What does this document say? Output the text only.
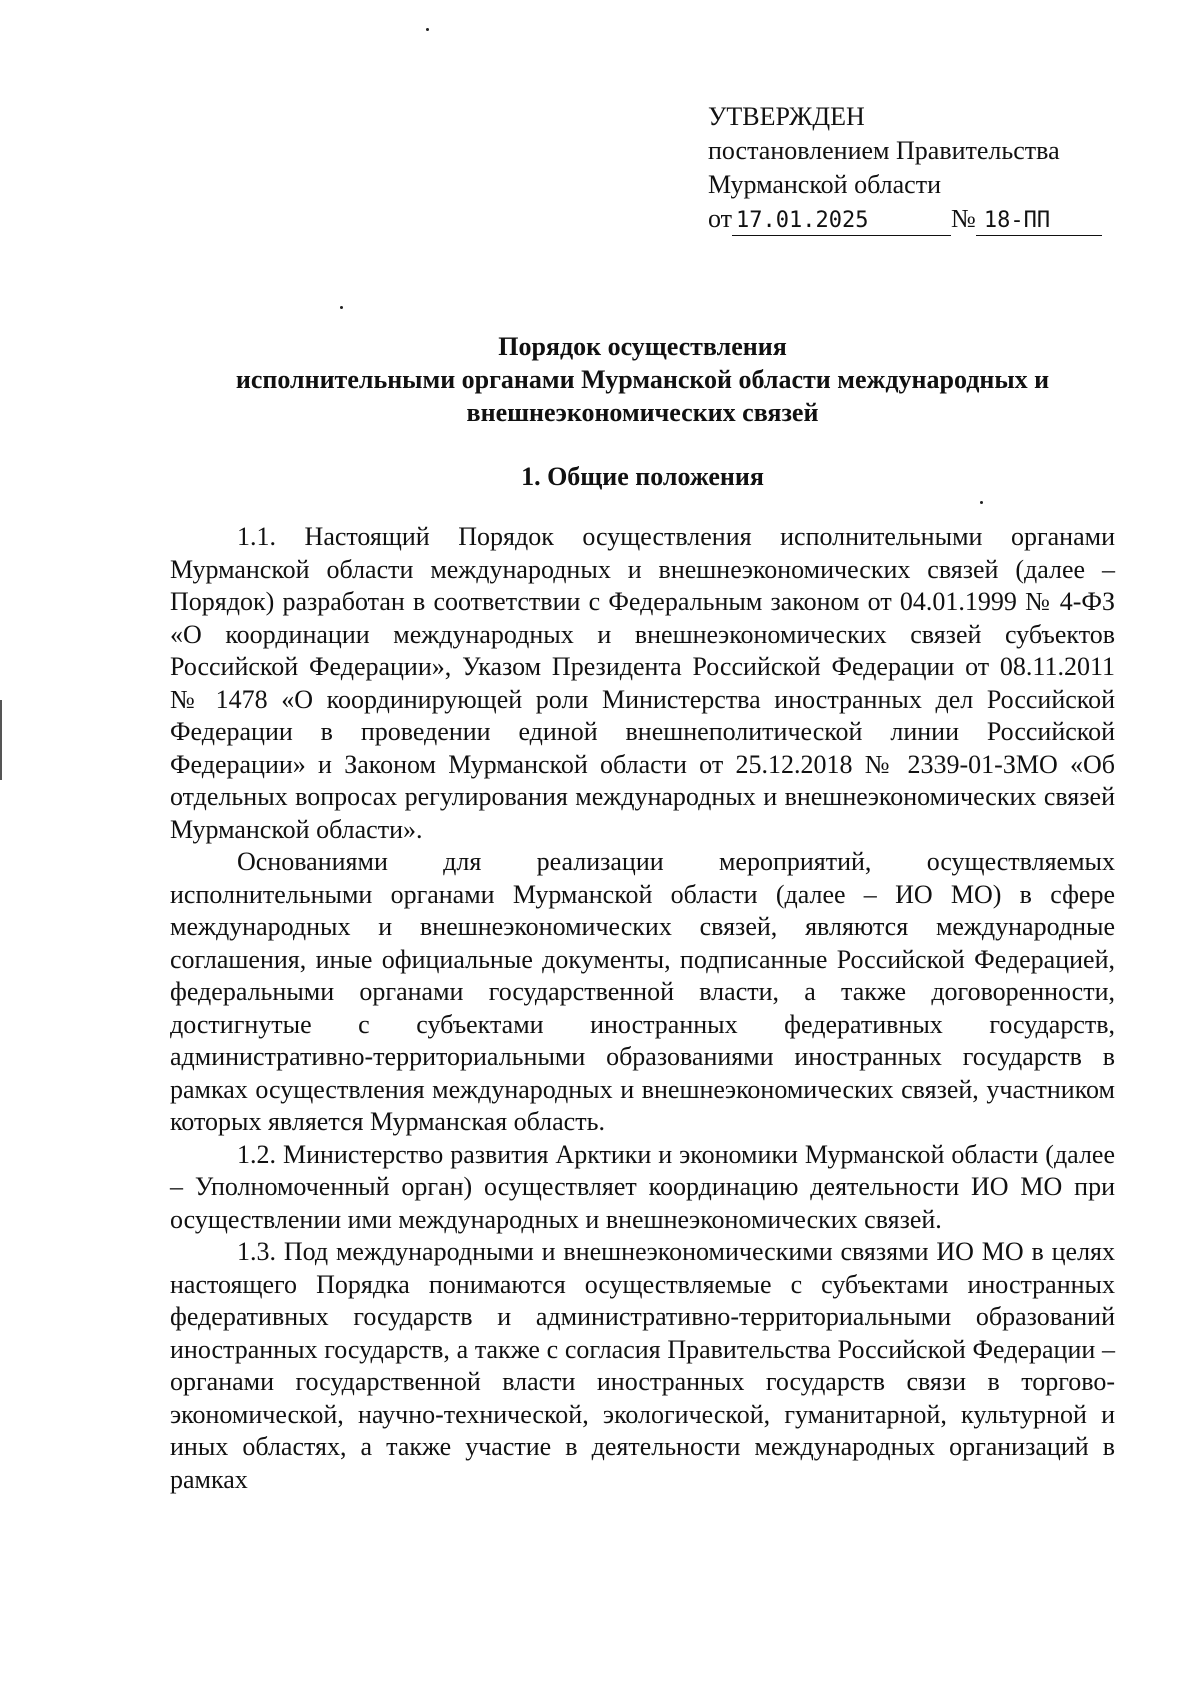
УТВЕРЖДЕН
постановлением Правительства
Мурманской области
от 17.01.2025	№ 18-ПП
Порядок осуществления
исполнительными органами Мурманской области международных и
внешнеэкономических связей
1. Общие положения

1.1. Настоящий Порядок осуществления исполнительными органами Мурманской области международных и внешнеэкономических связей (далее – Порядок) разработан в соответствии с Федеральным законом от 04.01.1999 № 4-ФЗ «О координации международных и внешнеэкономических связей субъектов Российской Федерации», Указом Президента Российской Федерации от 08.11.2011 № 1478 «О координирующей роли Министерства иностранных дел Российской Федерации в проведении единой внешнеполитической линии Российской Федерации» и Законом Мурманской области от 25.12.2018 № 2339-01-ЗМО «Об отдельных вопросах регулирования международных и внешнеэкономических связей Мурманской области».

Основаниями для реализации мероприятий, осуществляемых исполнительными органами Мурманской области (далее – ИО МО) в сфере международных и внешнеэкономических связей, являются международные соглашения, иные официальные документы, подписанные Российской Федерацией, федеральными органами государственной власти, а также договоренности, достигнутые с субъектами иностранных федеративных государств, административно-территориальными образованиями иностранных государств в рамках осуществления международных и внешнеэкономических связей, участником которых является Мурманская область.

1.2. Министерство развития Арктики и экономики Мурманской области (далее – Уполномоченный орган) осуществляет координацию деятельности ИО МО при осуществлении ими международных и внешнеэкономических связей.

1.3. Под международными и внешнеэкономическими связями ИО МО в целях настоящего Порядка понимаются осуществляемые с субъектами иностранных федеративных государств и административно-территориальными образований иностранных государств, а также с согласия Правительства Российской Федерации – органами государственной власти иностранных государств связи в торгово-экономической, научно-технической, экологической, гуманитарной, культурной и иных областях, а также участие в деятельности международных организаций в рамках
